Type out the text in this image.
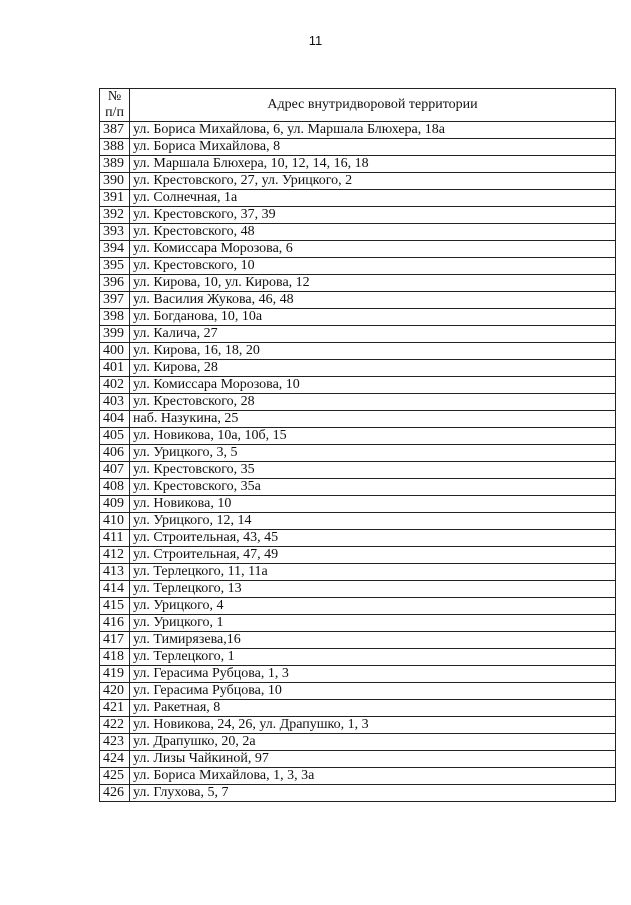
11
№
п/п	Адрес внутридворовой территории
387	ул. Бориса Михайлова, 6, ул. Маршала Блюхера, 18а
388	ул. Бориса Михайлова, 8
389	ул. Маршала Блюхера, 10, 12, 14, 16, 18
390	ул. Крестовского, 27, ул. Урицкого, 2
391	ул. Солнечная, 1а
392	ул. Крестовского, 37, 39
393	ул. Крестовского, 48
394	ул. Комиссара Морозова, 6
395	ул. Крестовского, 10
396	ул. Кирова, 10, ул. Кирова, 12
397	ул. Василия Жукова, 46, 48
398	ул. Богданова, 10, 10а
399	ул. Калича, 27
400	ул. Кирова, 16, 18, 20
401	ул. Кирова, 28
402	ул. Комиссара Морозова, 10
403	ул. Крестовского, 28
404	наб. Назукина, 25
405	ул. Новикова, 10а, 10б, 15
406	ул. Урицкого, 3, 5
407	ул. Крестовского, 35
408	ул. Крестовского, 35а
409	ул. Новикова, 10
410	ул. Урицкого, 12, 14
411	ул. Строительная, 43, 45
412	ул. Строительная, 47, 49
413	ул. Терлецкого, 11, 11а
414	ул. Терлецкого, 13
415	ул. Урицкого, 4
416	ул. Урицкого, 1
417	ул. Тимирязева,16
418	ул. Терлецкого, 1
419	ул. Герасима Рубцова, 1, 3
420	ул. Герасима Рубцова, 10
421	ул. Ракетная, 8
422	ул. Новикова, 24, 26, ул. Драпушко, 1, 3
423	ул. Драпушко, 20, 2а
424	ул. Лизы Чайкиной, 97
425	ул. Бориса Михайлова, 1, 3, 3а
426	ул. Глухова, 5, 7
